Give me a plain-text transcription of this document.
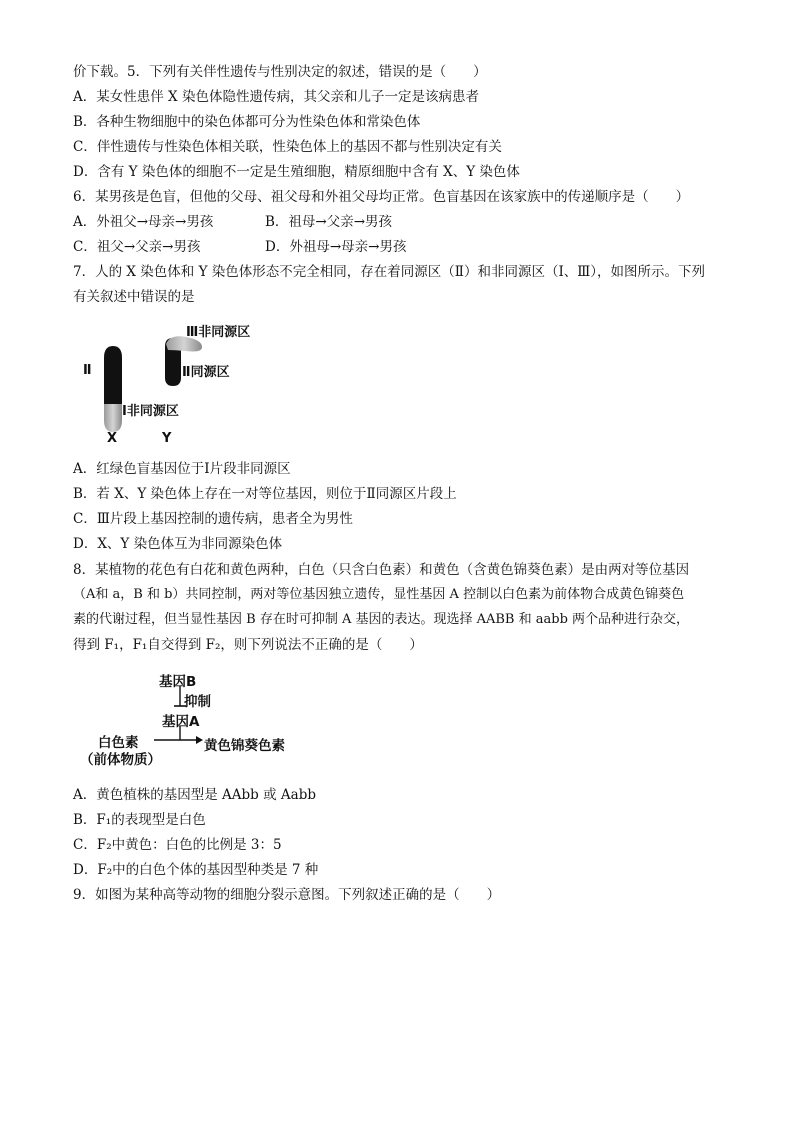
价下载。5．下列有关伴性遗传与性别决定的叙述，错误的是（　　）
A．某女性患伴 X 染色体隐性遗传病，其父亲和儿子一定是该病患者
B．各种生物细胞中的染色体都可分为性染色体和常染色体
C．伴性遗传与性染色体相关联，性染色体上的基因不都与性别决定有关
D．含有 Y 染色体的细胞不一定是生殖细胞，精原细胞中含有 X、Y 染色体
6．某男孩是色盲，但他的父母、祖父母和外祖父母均正常。色盲基因在该家族中的传递顺序是（　　）
A．外祖父→母亲→男孩	B．祖母→父亲→男孩
C．祖父→父亲→男孩	D．外祖母→母亲→男孩
7．人的 X 染色体和 Y 染色体形态不完全相同，存在着同源区（Ⅱ）和非同源区（Ⅰ、Ⅲ），如图所示。下列
有关叙述中错误的是
Ⅲ非同源区
Ⅱ同源区
Ⅱ
Ⅰ非同源区
X	Y
A．红绿色盲基因位于Ⅰ片段非同源区
B．若 X、Y 染色体上存在一对等位基因，则位于Ⅱ同源区片段上
C．Ⅲ片段上基因控制的遗传病，患者全为男性
D．X、Y 染色体互为非同源染色体
8．某植物的花色有白花和黄色两种，白色（只含白色素）和黄色（含黄色锦葵色素）是由两对等位基因
（A和 a，B 和 b）共同控制，两对等位基因独立遗传，显性基因 A 控制以白色素为前体物合成黄色锦葵色
素的代谢过程，但当显性基因 B 存在时可抑制 A 基因的表达。现选择 AABB 和 aabb 两个品种进行杂交，
得到 F₁，F₁自交得到 F₂，则下列说法不正确的是（　　）
基因B
抑制
基因A
白色素
（前体物质）
黄色锦葵色素
A．黄色植株的基因型是 AAbb 或 Aabb
B．F₁的表现型是白色
C．F₂中黄色：白色的比例是 3：5
D．F₂中的白色个体的基因型种类是 7 种
9．如图为某种高等动物的细胞分裂示意图。下列叙述正确的是（　　）
